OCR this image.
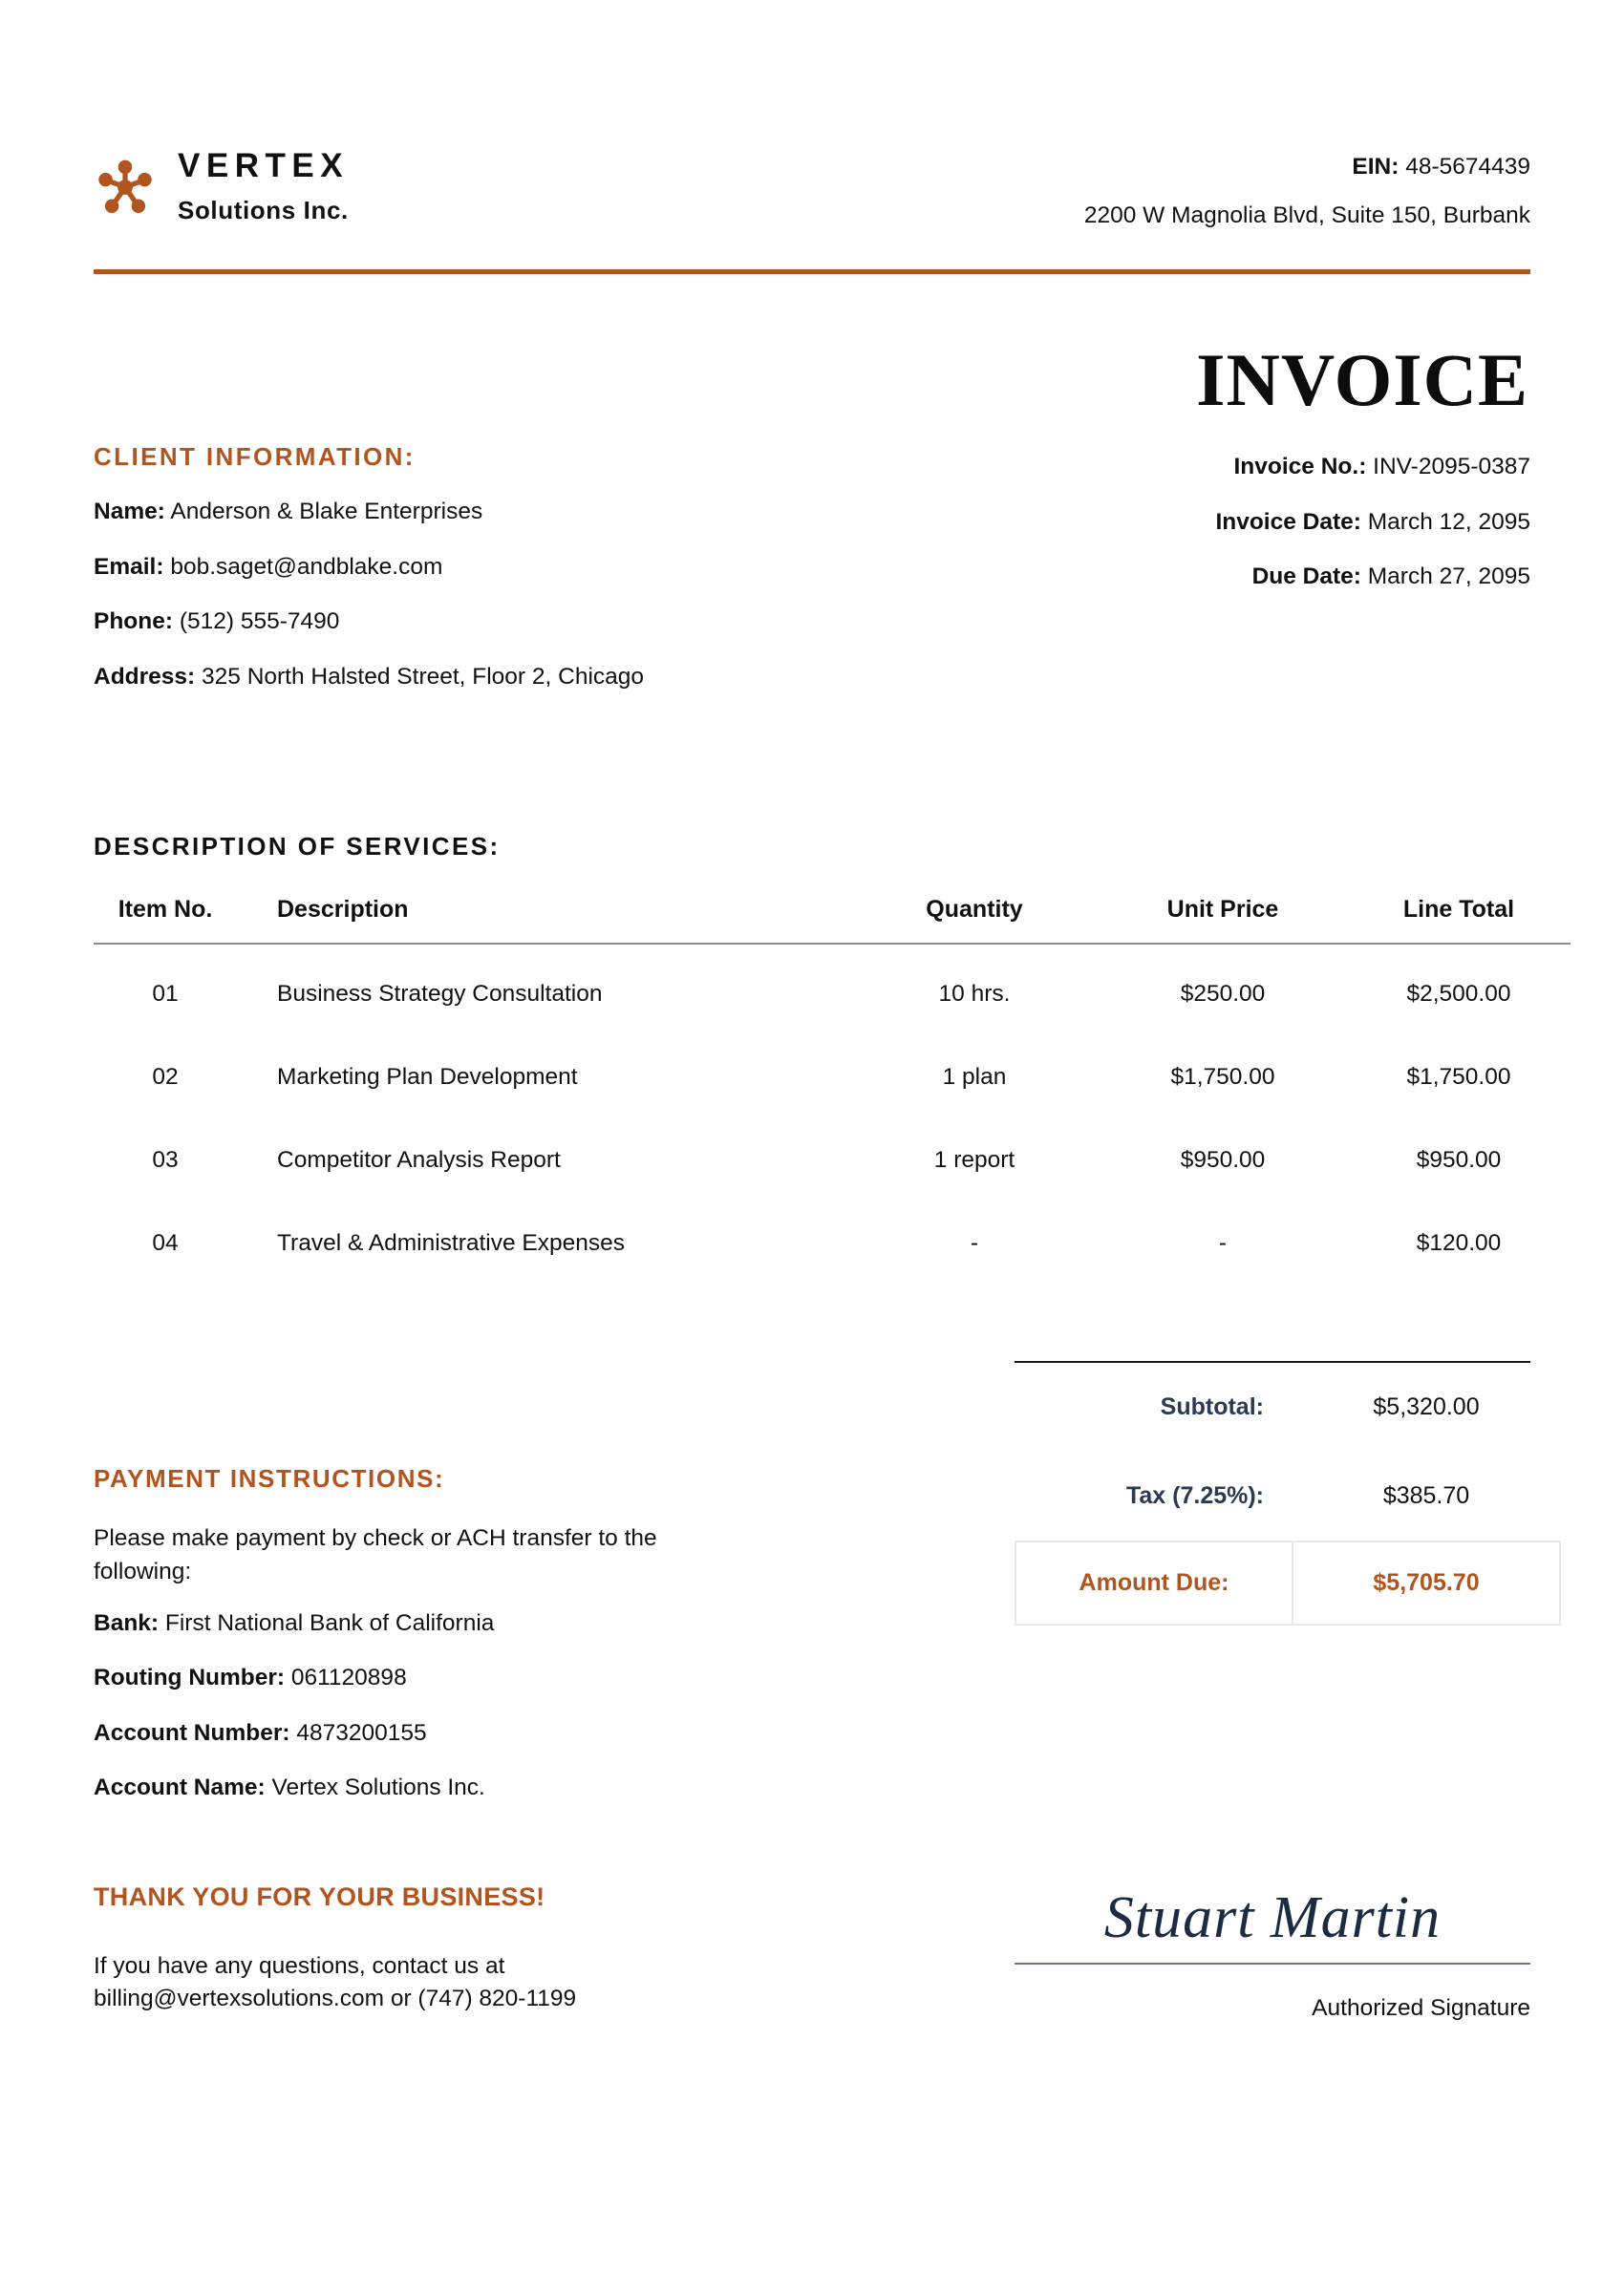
VERTEX
Solutions Inc.
EIN: 48-5674439
2200 W Magnolia Blvd, Suite 150, Burbank
INVOICE
CLIENT INFORMATION:
Name: Anderson & Blake Enterprises
Email: bob.saget@andblake.com
Phone: (512) 555-7490
Address: 325 North Halsted Street, Floor 2, Chicago
Invoice No.: INV-2095-0387
Invoice Date: March 12, 2095
Due Date: March 27, 2095
DESCRIPTION OF SERVICES:
Item No.	Description	Quantity	Unit Price	Line Total
01	Business Strategy Consultation	10 hrs.	$250.00	$2,500.00
02	Marketing Plan Development	1 plan	$1,750.00	$1,750.00
03	Competitor Analysis Report	1 report	$950.00	$950.00
04	Travel & Administrative Expenses	-	-	$120.00
PAYMENT INSTRUCTIONS:
Please make payment by check or ACH transfer to the following:
Bank: First National Bank of California
Routing Number: 061120898
Account Number: 4873200155
Account Name: Vertex Solutions Inc.
Subtotal:	$5,320.00
Tax (7.25%):	$385.70
Amount Due:	$5,705.70
THANK YOU FOR YOUR BUSINESS!
If you have any questions, contact us at billing@vertexsolutions.com or (747) 820-1199
Stuart Martin
Authorized Signature
